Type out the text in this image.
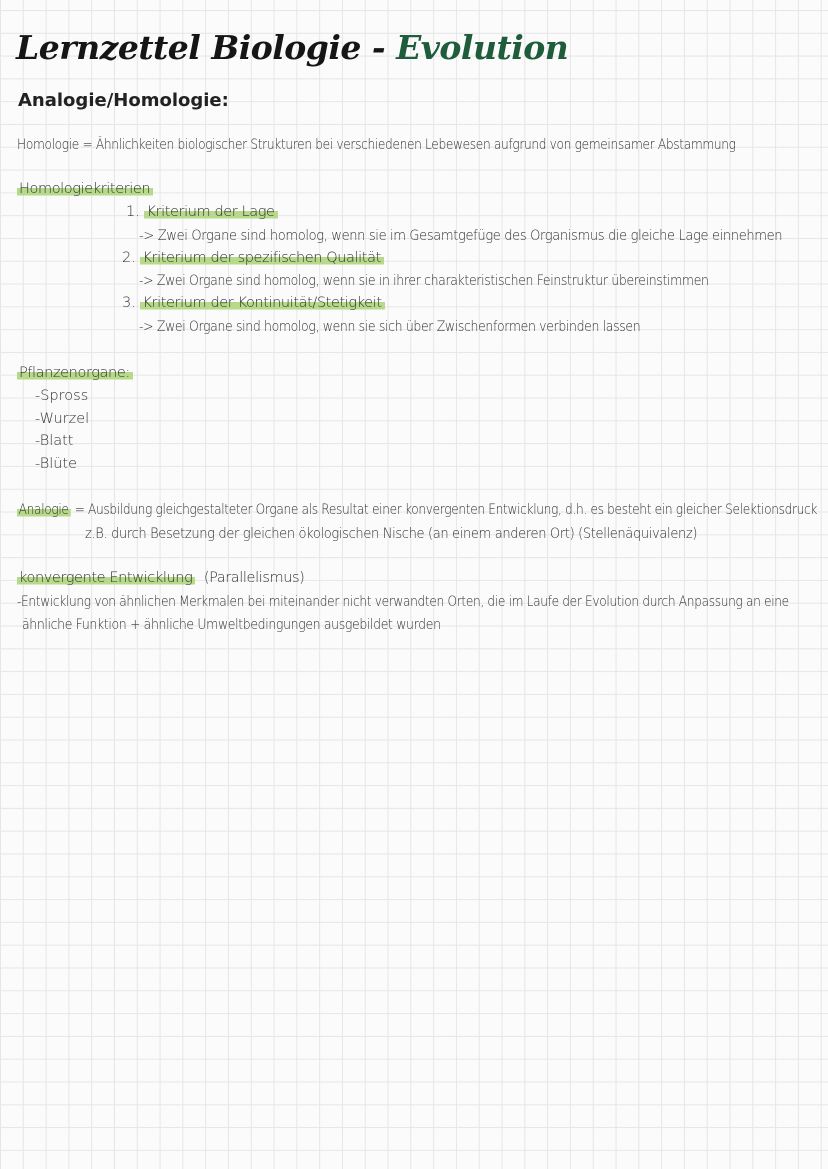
Lernzettel Biologie - Evolution
Analogie/Homologie:
Homologie = Ähnlichkeiten biologischer Strukturen bei verschiedenen Lebewesen aufgrund von gemeinsamer Abstammung
Homologiekriterien
1. Kriterium der Lage
-> Zwei Organe sind homolog, wenn sie im Gesamtgefüge des Organismus die gleiche Lage einnehmen
2. Kriterium der spezifischen Qualität
-> Zwei Organe sind homolog, wenn sie in ihrer charakteristischen Feinstruktur übereinstimmen
3. Kriterium der Kontinuität/Stetigkeit
-> Zwei Organe sind homolog, wenn sie sich über Zwischenformen verbinden lassen
Pflanzenorgane:
-Spross
-Wurzel
-Blatt
-Blüte
Analogie = Ausbildung gleichgestalteter Organe als Resultat einer konvergenten Entwicklung, d.h. es besteht ein gleicher Selektionsdruck
z.B. durch Besetzung der gleichen ökologischen Nische (an einem anderen Ort) (Stellenäquivalenz)
konvergente Entwicklung (Parallelismus)
-Entwicklung von ähnlichen Merkmalen bei miteinander nicht verwandten Orten, die im Laufe der Evolution durch Anpassung an eine
ähnliche Funktion + ähnliche Umweltbedingungen ausgebildet wurden
